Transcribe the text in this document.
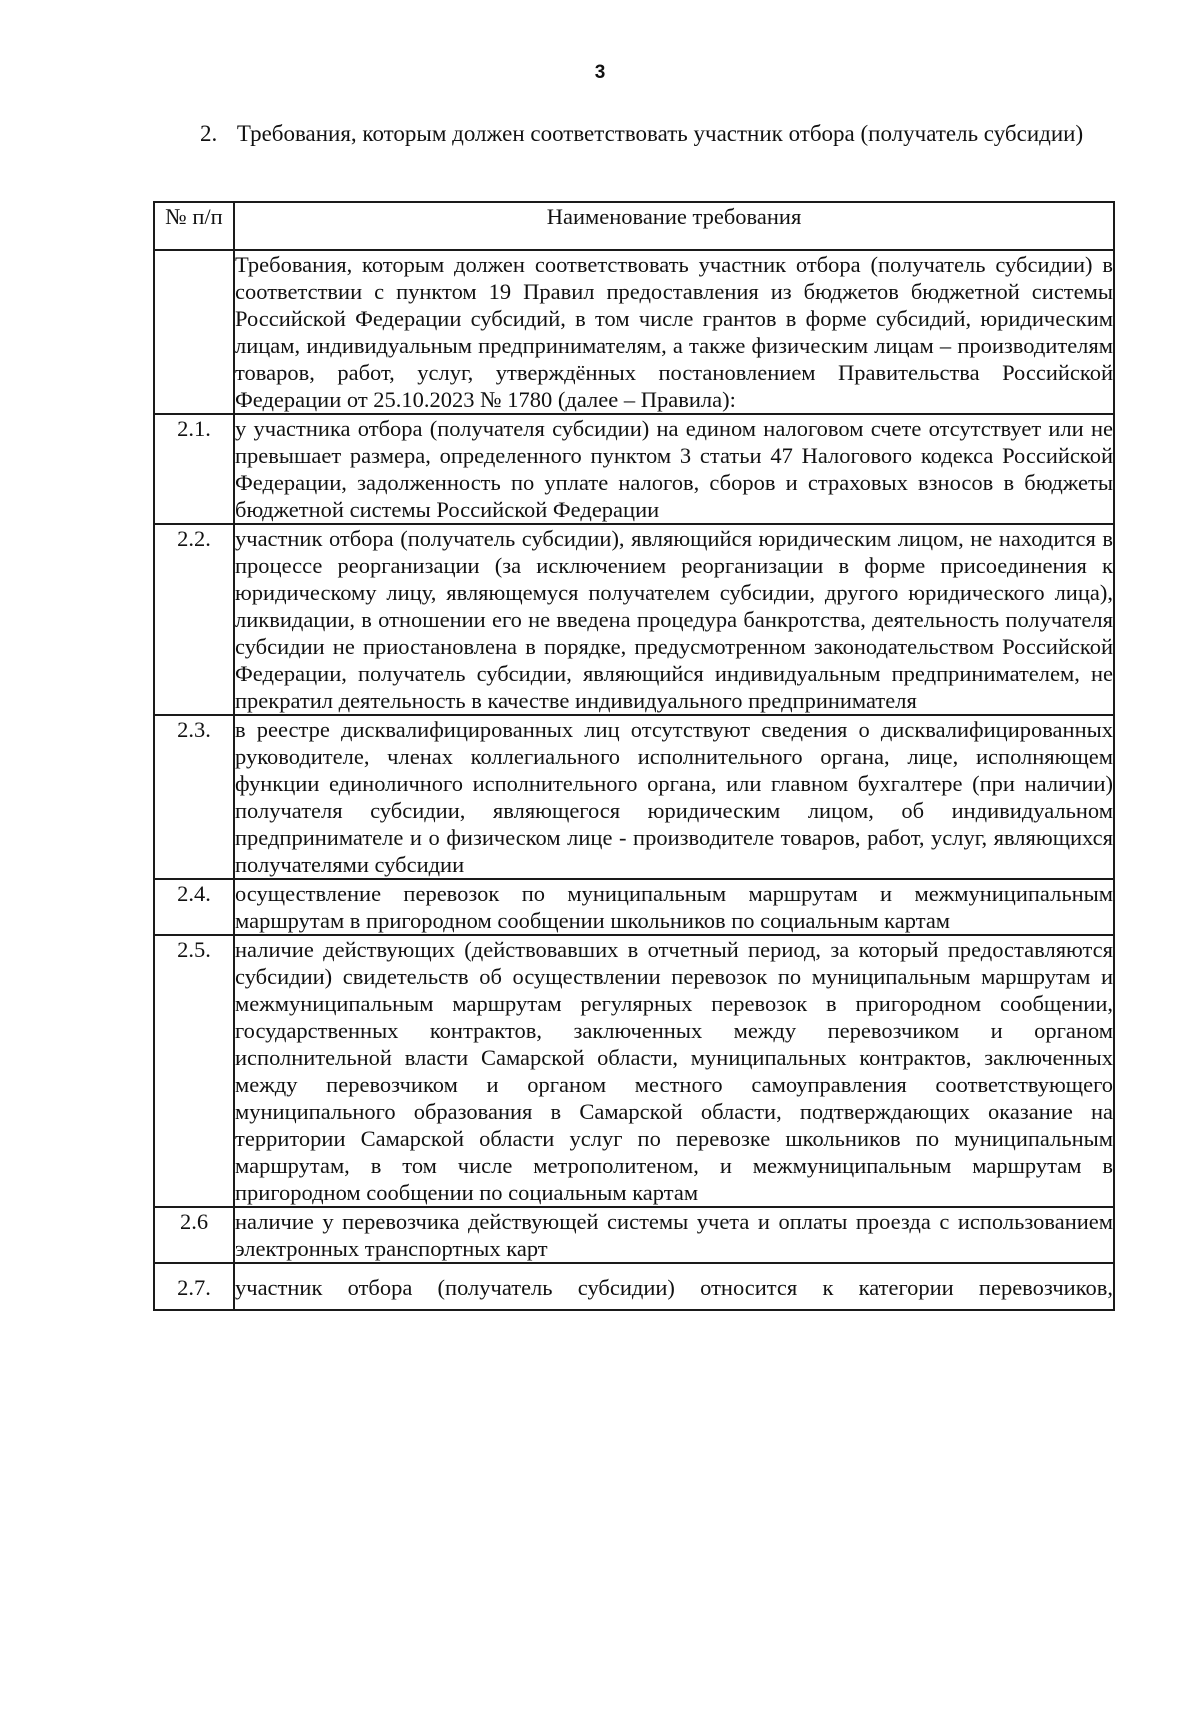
3
Требования, которым должен соответствовать участник отбора (получатель субсидии)
2.
№ п/п	Наименование требования
	Требования, которым должен соответствовать участник отбора (получатель субсидии) в соответствии с пунктом 19 Правил предоставления из бюджетов бюджетной системы Российской Федерации субсидий, в том числе грантов в форме субсидий, юридическим лицам, индивидуальным предпринимателям, а также физическим лицам – производителям товаров, работ, услуг, утверждённых постановлением Правительства Российской Федерации от 25.10.2023 № 1780 (далее – Правила):
2.1.	у участника отбора (получателя субсидии) на едином налоговом счете отсутствует или не превышает размера, определенного пунктом 3 статьи 47 Налогового кодекса Российской Федерации, задолженность по уплате налогов, сборов и страховых взносов в бюджеты бюджетной системы Российской Федерации
2.2.	участник отбора (получатель субсидии), являющийся юридическим лицом, не находится в процессе реорганизации (за исключением реорганизации в форме присоединения к юридическому лицу, являющемуся получателем субсидии, другого юридического лица), ликвидации, в отношении его не введена процедура банкротства, деятельность получателя субсидии не приостановлена в порядке, предусмотренном законодательством Российской Федерации, получатель субсидии, являющийся индивидуальным предпринимателем, не прекратил деятельность в качестве индивидуального предпринимателя
2.3.	в реестре дисквалифицированных лиц отсутствуют сведения о дисквалифицированных руководителе, членах коллегиального исполнительного органа, лице, исполняющем функции единоличного исполнительного органа, или главном бухгалтере (при наличии) получателя субсидии, являющегося юридическим лицом, об индивидуальном предпринимателе и о физическом лице - производителе товаров, работ, услуг, являющихся получателями субсидии
2.4.	осуществление перевозок по муниципальным маршрутам и межмуниципальным маршрутам в пригородном сообщении школьников по социальным картам
2.5.	наличие действующих (действовавших в отчетный период, за который предоставляются субсидии) свидетельств об осуществлении перевозок по муниципальным маршрутам и межмуниципальным маршрутам регулярных перевозок в пригородном сообщении, государственных контрактов, заключенных между перевозчиком и органом исполнительной власти Самарской области, муниципальных контрактов, заключенных между перевозчиком и органом местного самоуправления соответствующего муниципального образования в Самарской области, подтверждающих оказание на территории Самарской области услуг по перевозке школьников по муниципальным маршрутам, в том числе метрополитеном, и межмуниципальным маршрутам в пригородном сообщении по социальным картам
2.6	наличие у перевозчика действующей системы учета и оплаты проезда с использованием электронных транспортных карт
2.7.	участник отбора (получатель субсидии) относится к категории перевозчиков,
